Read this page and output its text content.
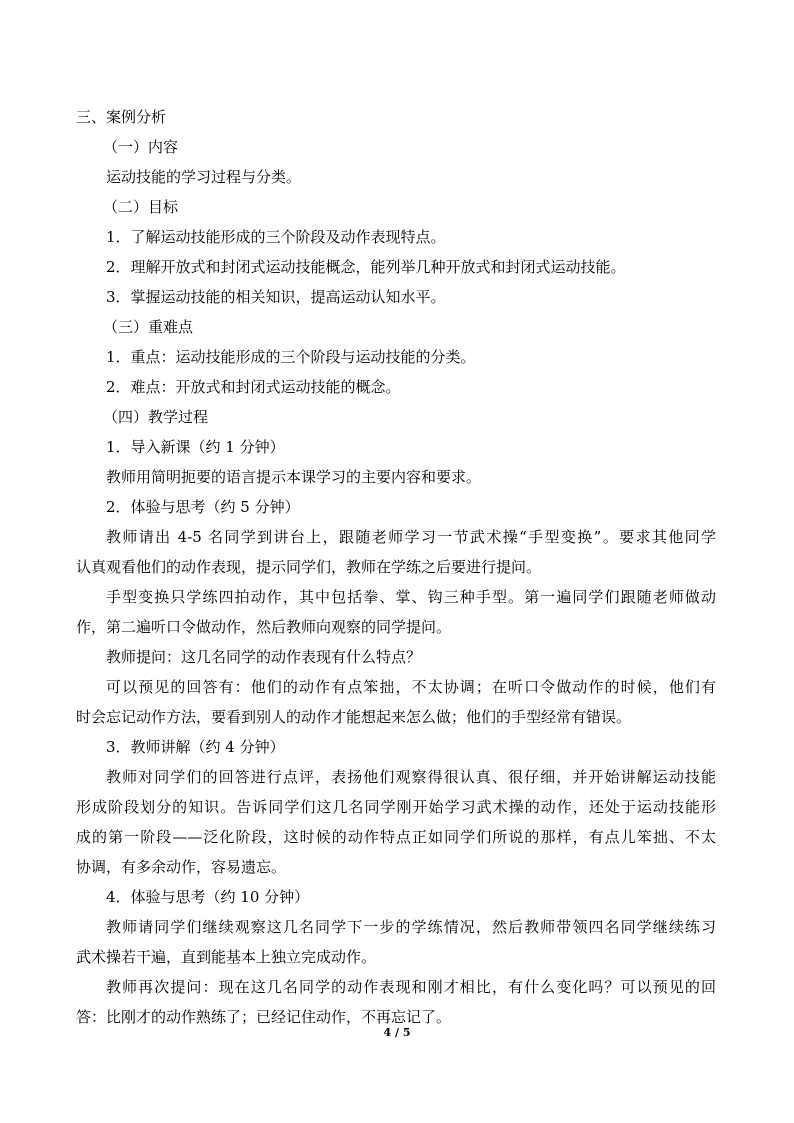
三、案例分析
（一）内容
运动技能的学习过程与分类。
（二）目标
1．了解运动技能形成的三个阶段及动作表现特点。
2．理解开放式和封闭式运动技能概念，能列举几种开放式和封闭式运动技能。
3．掌握运动技能的相关知识，提高运动认知水平。
（三）重难点
1．重点：运动技能形成的三个阶段与运动技能的分类。
2．难点：开放式和封闭式运动技能的概念。
（四）教学过程
1．导入新课（约 1 分钟）
教师用简明扼要的语言提示本课学习的主要内容和要求。
2．体验与思考（约 5 分钟）
教师请出 4-5 名同学到讲台上，跟随老师学习一节武术操“手型变换”。要求其他同学
认真观看他们的动作表现，提示同学们，教师在学练之后要进行提问。
手型变换只学练四拍动作，其中包括拳、掌、钩三种手型。第一遍同学们跟随老师做动
作，第二遍听口令做动作，然后教师向观察的同学提问。
教师提问：这几名同学的动作表现有什么特点？
可以预见的回答有：他们的动作有点笨拙，不太协调；在听口令做动作的时候，他们有
时会忘记动作方法，要看到别人的动作才能想起来怎么做；他们的手型经常有错误。
3．教师讲解（约 4 分钟）
教师对同学们的回答进行点评，表扬他们观察得很认真、很仔细，并开始讲解运动技能
形成阶段划分的知识。告诉同学们这几名同学刚开始学习武术操的动作，还处于运动技能形
成的第一阶段——泛化阶段，这时候的动作特点正如同学们所说的那样，有点儿笨拙、不太
协调，有多余动作，容易遗忘。
4．体验与思考（约 10 分钟）
教师请同学们继续观察这几名同学下一步的学练情况，然后教师带领四名同学继续练习
武术操若干遍，直到能基本上独立完成动作。
教师再次提问：现在这几名同学的动作表现和刚才相比，有什么变化吗？可以预见的回
答：比刚才的动作熟练了；已经记住动作，不再忘记了。
4 / 5
